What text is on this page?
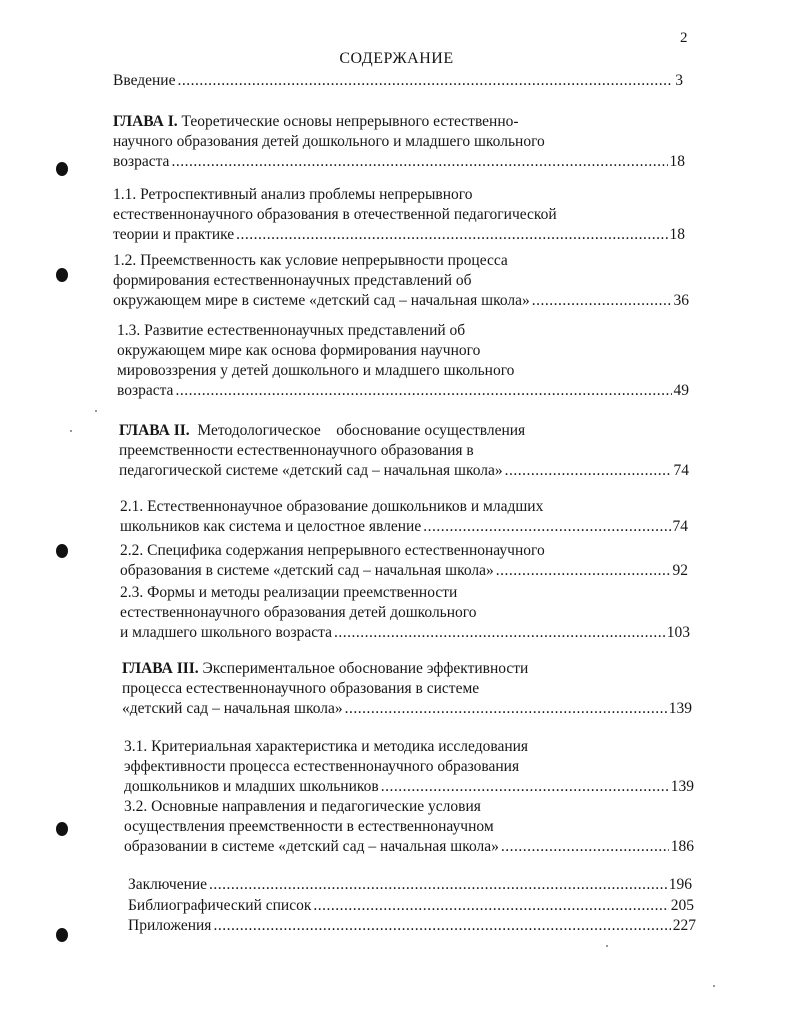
2
СОДЕРЖАНИЕ
Введение .....	3
ГЛАВА I. Теоретические основы непрерывного естественно-
научного образования детей дошкольного и младшего школьного
возраста .....	18
1.1. Ретроспективный анализ проблемы непрерывного
естественнонаучного образования в отечественной педагогической
теории и практике .....	18
1.2. Преемственность как условие непрерывности процесса
формирования естественнонаучных представлений об
окружающем мире в системе «детский сад – начальная школа» .....	36
1.3. Развитие естественнонаучных представлений об
окружающем мире как основа формирования научного
мировоззрения у детей дошкольного и младшего школьного
возраста .....	49
ГЛАВА II.  Методологическое    обоснование осуществления
преемственности естественнонаучного образования в
педагогической системе «детский сад – начальная школа» .....	74
2.1. Естественнонаучное образование дошкольников и младших
школьников как система и целостное явление .....	74
2.2. Специфика содержания непрерывного естественнонаучного
образования в системе «детский сад – начальная школа» .....	92
2.3. Формы и методы реализации преемственности
естественнонаучного образования детей дошкольного
и младшего школьного возраста .....	103
ГЛАВА III. Экспериментальное обоснование эффективности
процесса естественнонаучного образования в системе
«детский сад – начальная школа» .....	139
3.1. Критериальная характеристика и методика исследования
эффективности процесса естественнонаучного образования
дошкольников и младших школьников .....	139
3.2. Основные направления и педагогические условия
осуществления преемственности в естественнонаучном
образовании в системе «детский сад – начальная школа» .....	186
Заключение .....	196
Библиографический список .....	205
Приложения .....	227
